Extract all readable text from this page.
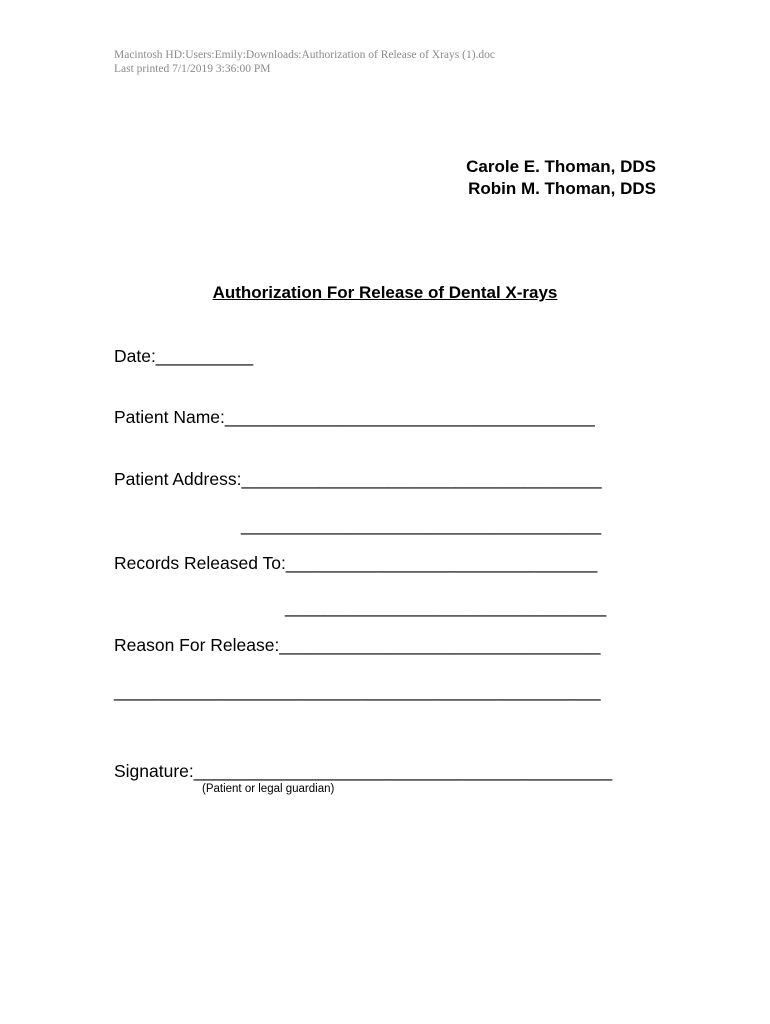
Macintosh HD:Users:Emily:Downloads:Authorization of Release of Xrays (1).doc
Last printed 7/1/2019 3:36:00 PM
Carole E. Thoman, DDS
Robin M. Thoman, DDS
Authorization For Release of Dental X-rays
Date:__________
Patient Name:______________________________________
Patient Address:_____________________________________
_____________________________________
Records Released To:________________________________
_________________________________
Reason For Release:_________________________________
__________________________________________________
Signature:___________________________________________
(Patient or legal guardian)
